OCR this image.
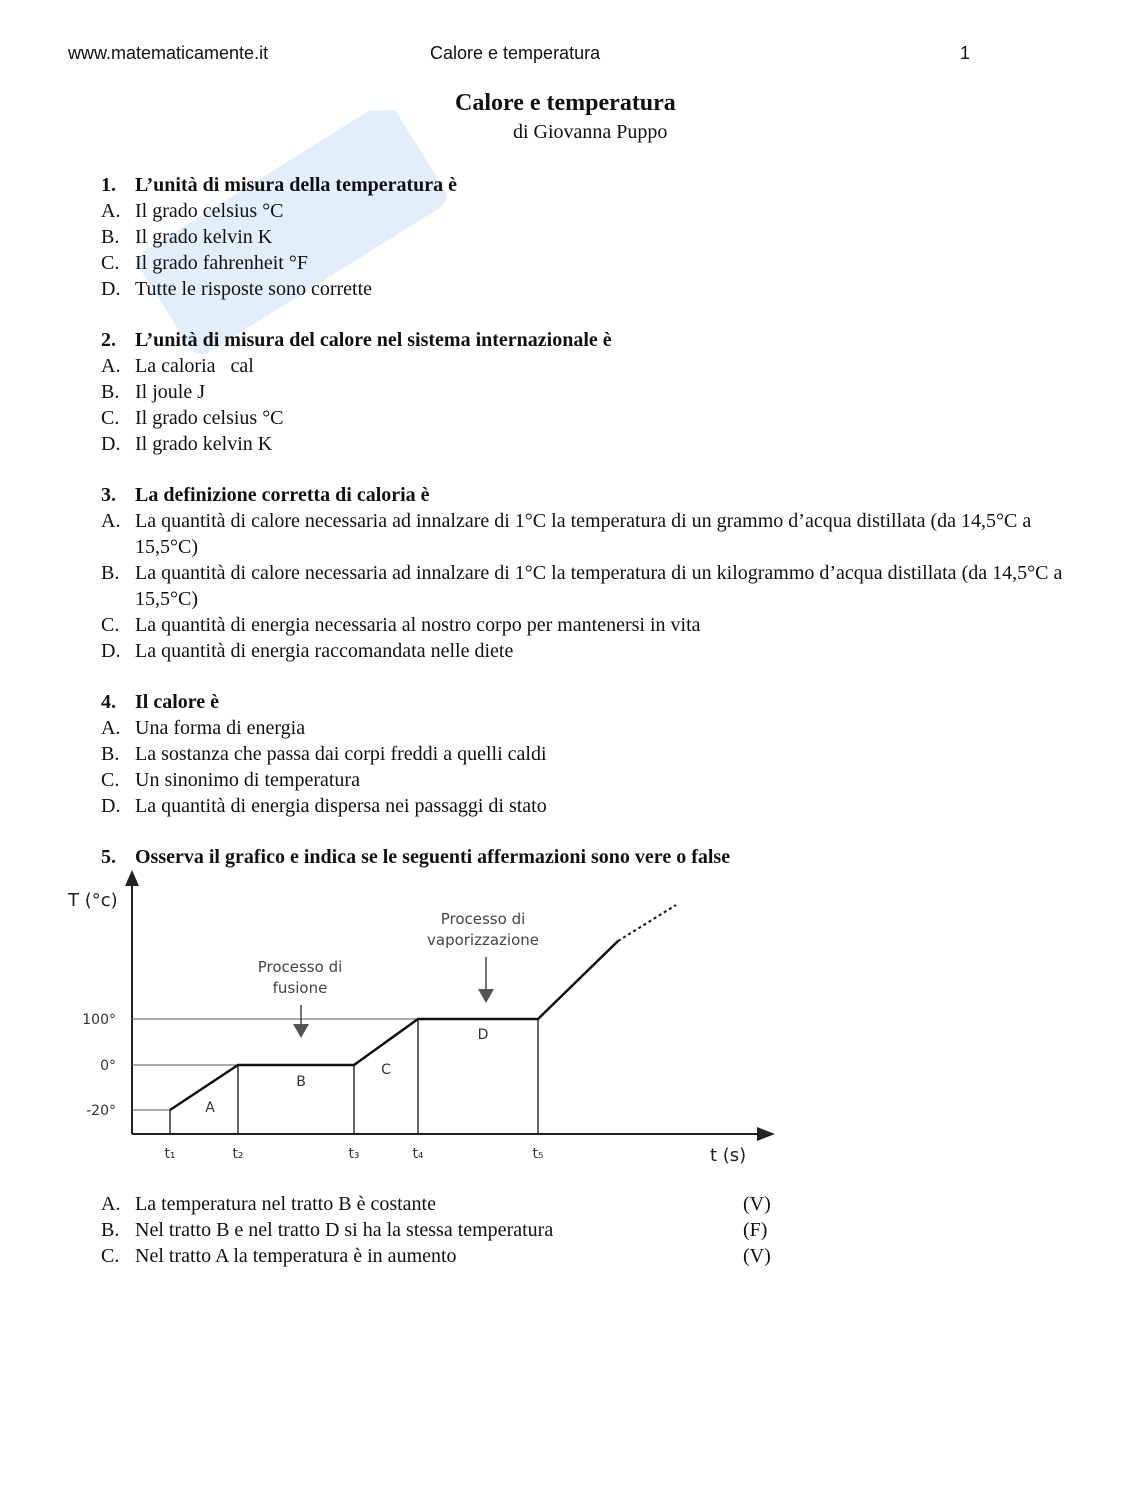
www.matematicamente.it	Calore e temperatura	1
Calore e temperatura
di Giovanna Puppo
1. L’unità di misura della temperatura è
A. Il grado celsius °C
B. Il grado kelvin K
C. Il grado fahrenheit °F
D. Tutte le risposte sono corrette
2. L’unità di misura del calore nel sistema internazionale è
A. La caloria   cal
B. Il joule J
C. Il grado celsius °C
D. Il grado kelvin K
3. La definizione corretta di caloria è
A. La quantità di calore necessaria ad innalzare di 1°C la temperatura di un grammo d’acqua distillata (da 14,5°C a 15,5°C)
B. La quantità di calore necessaria ad innalzare di 1°C la temperatura di un kilogrammo d’acqua distillata (da 14,5°C a 15,5°C)
C. La quantità di energia necessaria al nostro corpo per mantenersi in vita
D. La quantità di energia raccomandata nelle diete
4. Il calore è
A. Una forma di energia
B. La sostanza che passa dai corpi freddi a quelli caldi
C. Un sinonimo di temperatura
D. La quantità di energia dispersa nei passaggi di stato
5. Osserva il grafico e indica se le seguenti affermazioni sono vere o false
T (°c)
t (s)
-20°
0°
100°
t₁	t₂	t₃	t₄	t₅
A
B
C
D
Processo di
fusione
Processo di
vaporizzazione
A. La temperatura nel tratto B è costante	(V)
B. Nel tratto B e nel tratto D si ha la stessa temperatura	(F)
C. Nel tratto A la temperatura è in aumento	(V)
